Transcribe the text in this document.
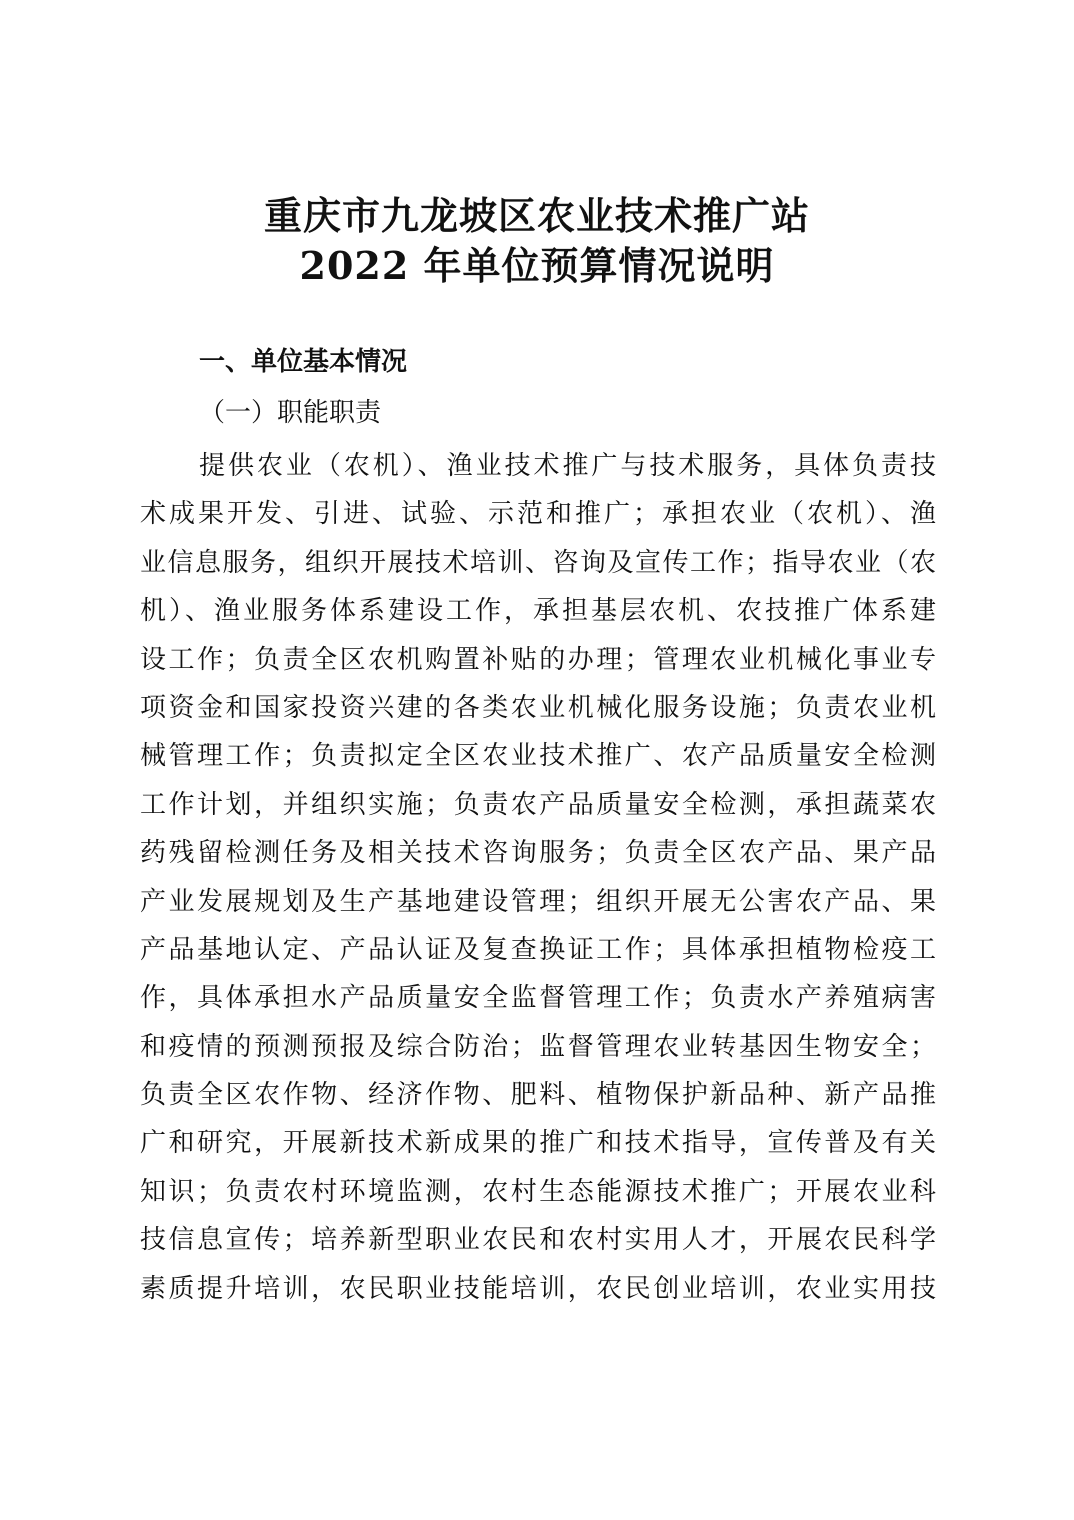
重庆市九龙坡区农业技术推广站
2022 年单位预算情况说明
一、单位基本情况
（一）职能职责
提供农业（农机）、渔业技术推广与技术服务，具体负责技
术成果开发、引进、试验、示范和推广；承担农业（农机）、渔
业信息服务，组织开展技术培训、咨询及宣传工作；指导农业（农
机）、渔业服务体系建设工作，承担基层农机、农技推广体系建
设工作；负责全区农机购置补贴的办理；管理农业机械化事业专
项资金和国家投资兴建的各类农业机械化服务设施；负责农业机
械管理工作；负责拟定全区农业技术推广、农产品质量安全检测
工作计划，并组织实施；负责农产品质量安全检测，承担蔬菜农
药残留检测任务及相关技术咨询服务；负责全区农产品、果产品
产业发展规划及生产基地建设管理；组织开展无公害农产品、果
产品基地认定、产品认证及复查换证工作；具体承担植物检疫工
作，具体承担水产品质量安全监督管理工作；负责水产养殖病害
和疫情的预测预报及综合防治；监督管理农业转基因生物安全；
负责全区农作物、经济作物、肥料、植物保护新品种、新产品推
广和研究，开展新技术新成果的推广和技术指导，宣传普及有关
知识；负责农村环境监测，农村生态能源技术推广；开展农业科
技信息宣传；培养新型职业农民和农村实用人才，开展农民科学
素质提升培训，农民职业技能培训，农民创业培训，农业实用技
